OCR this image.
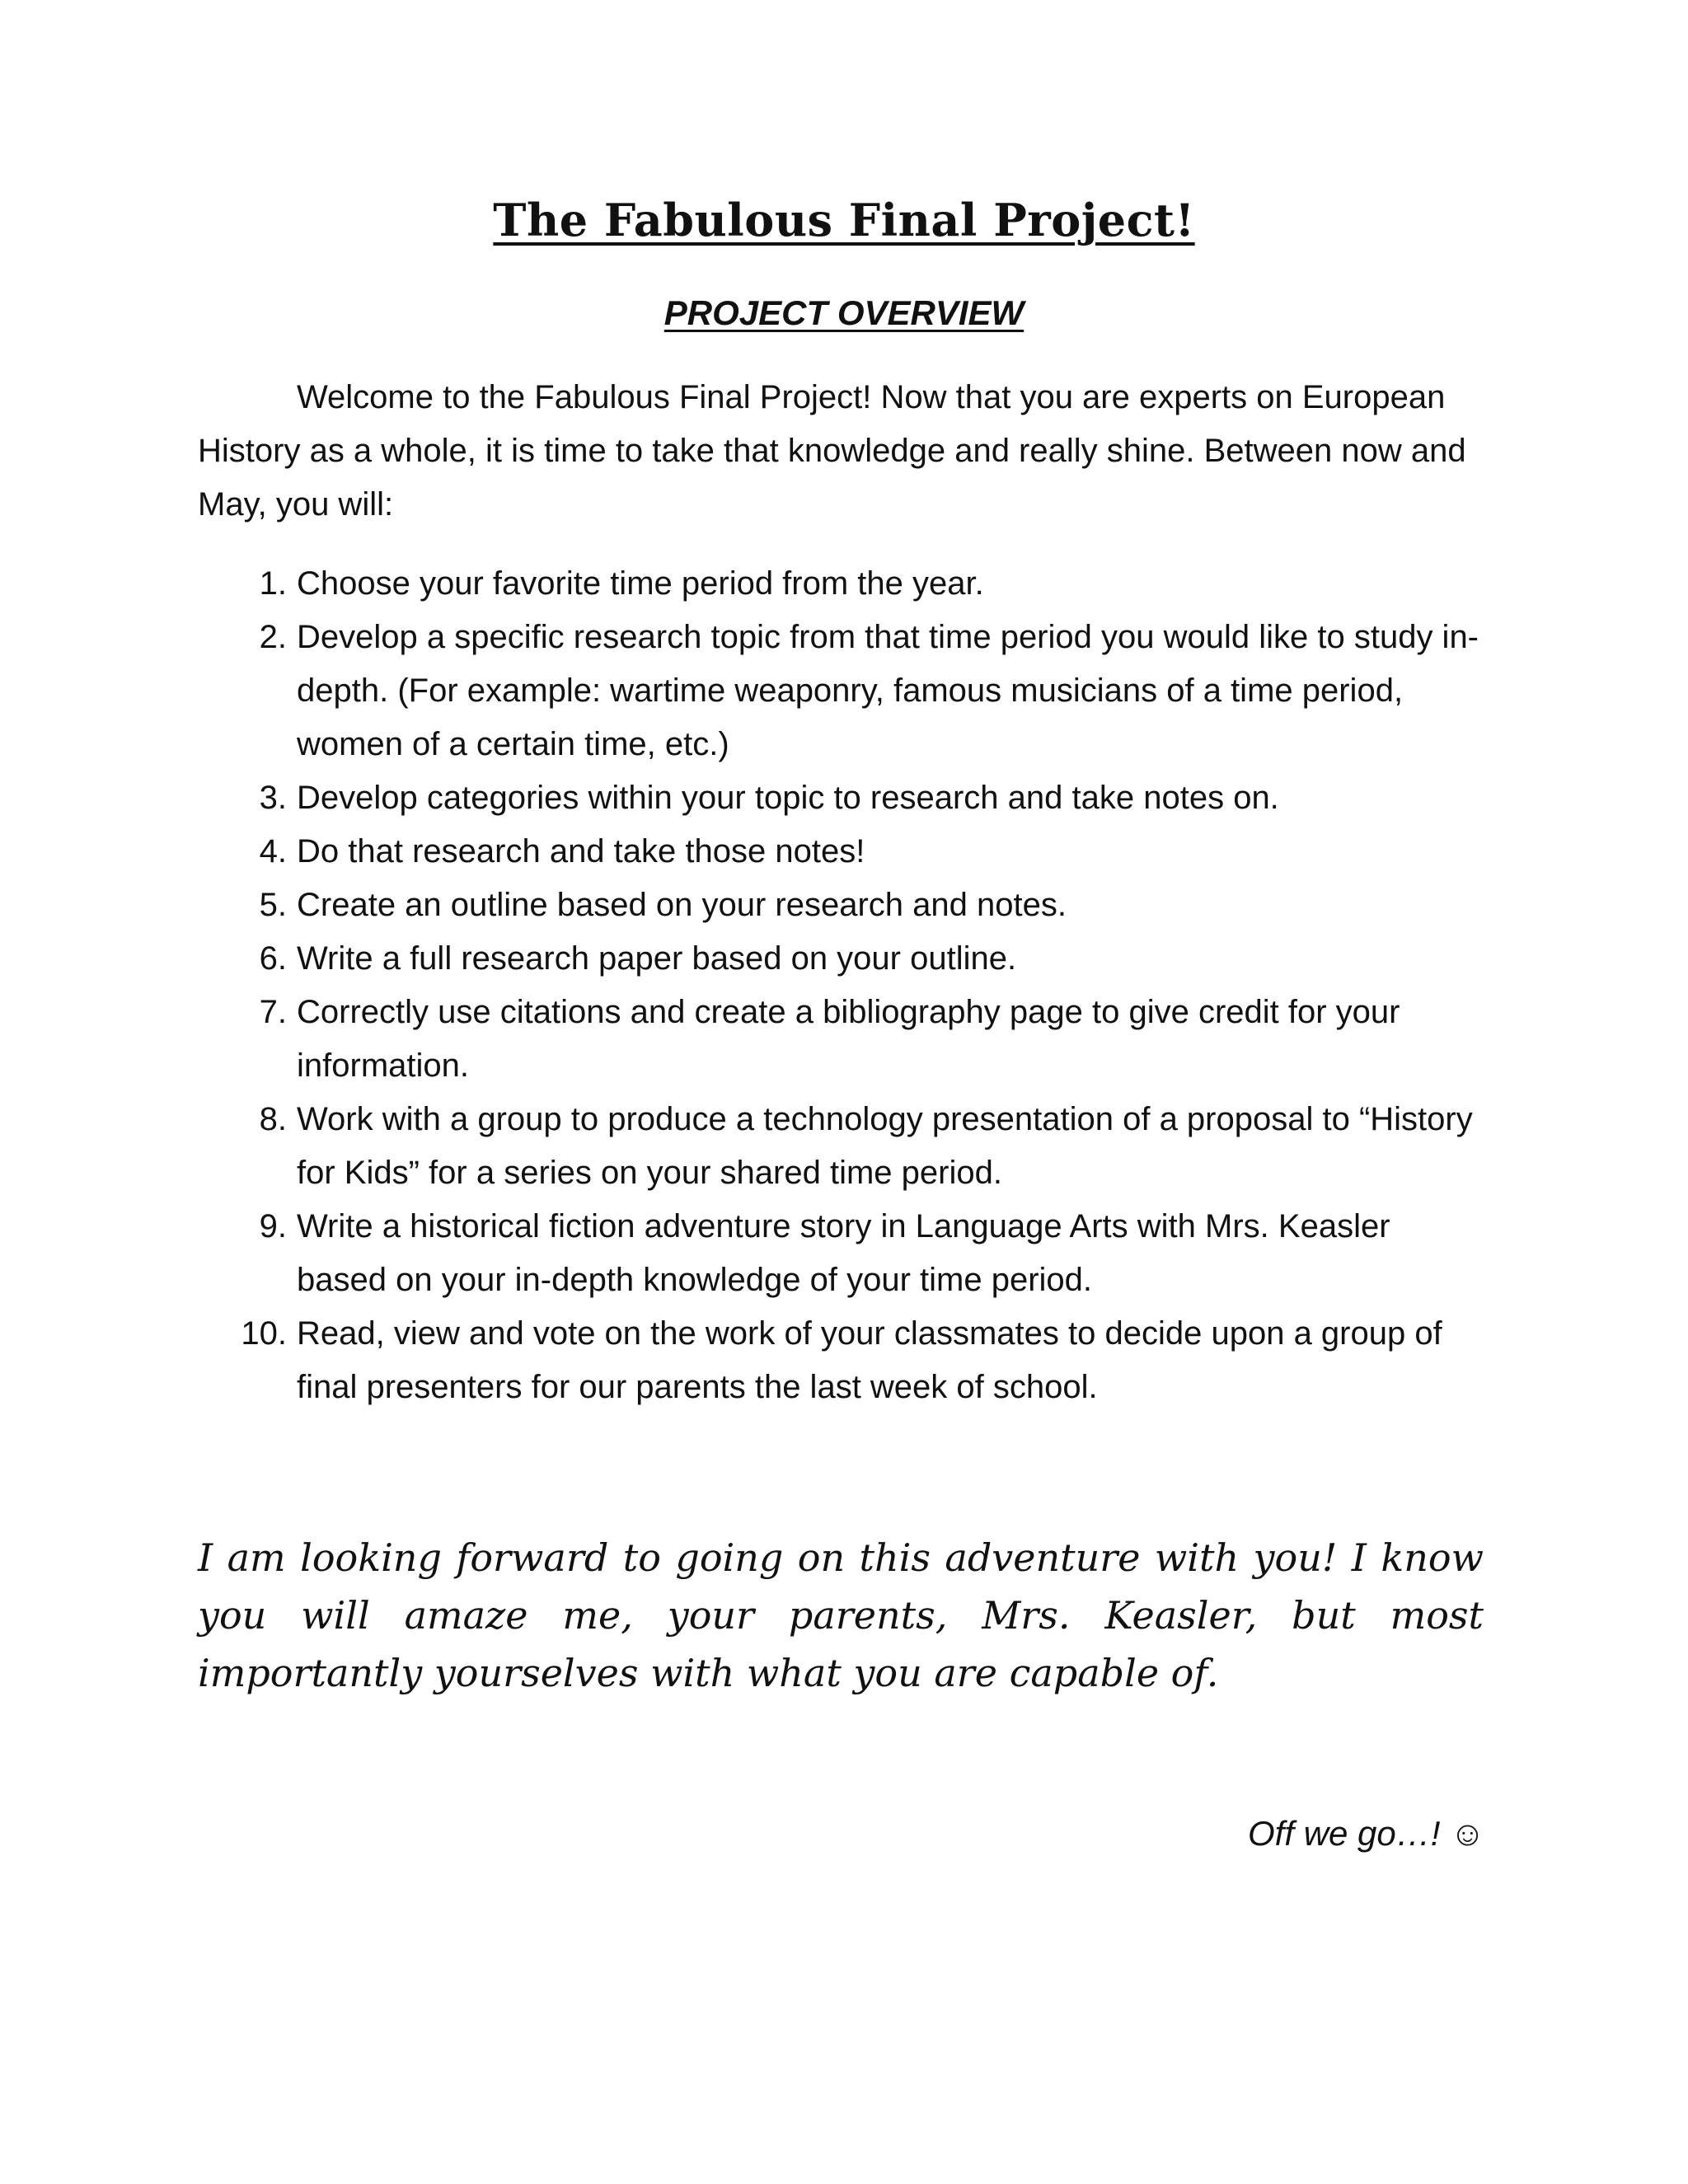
The Fabulous Final Project!
PROJECT OVERVIEW

Welcome to the Fabulous Final Project! Now that you are experts on European History as a whole, it is time to take that knowledge and really shine. Between now and May, you will:

1. Choose your favorite time period from the year.
2. Develop a specific research topic from that time period you would like to study in-depth. (For example: wartime weaponry, famous musicians of a time period, women of a certain time, etc.)
3. Develop categories within your topic to research and take notes on.
4. Do that research and take those notes!
5. Create an outline based on your research and notes.
6. Write a full research paper based on your outline.
7. Correctly use citations and create a bibliography page to give credit for your information.
8. Work with a group to produce a technology presentation of a proposal to “History for Kids” for a series on your shared time period.
9. Write a historical fiction adventure story in Language Arts with Mrs. Keasler based on your in-depth knowledge of your time period.
10. Read, view and vote on the work of your classmates to decide upon a group of final presenters for our parents the last week of school.

I am looking forward to going on this adventure with you! I know you will amaze me, your parents, Mrs. Keasler, but most importantly yourselves with what you are capable of.

Off we go…! ☺
